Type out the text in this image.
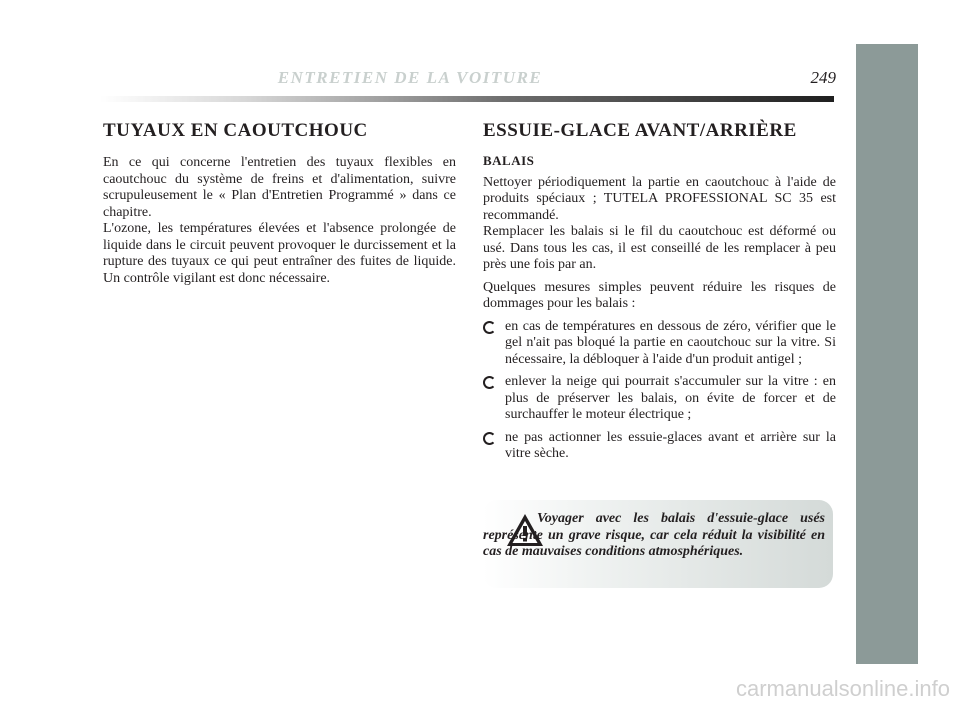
ENTRETIEN DE LA VOITURE	249
TUYAUX EN CAOUTCHOUC

En ce qui concerne l'entretien des tuyaux flexibles en caoutchouc du système de freins et d'alimentation, suivre scrupuleusement le « Plan d'Entretien Programmé » dans ce chapitre.

L'ozone, les températures élevées et l'absence prolongée de liquide dans le circuit peuvent provoquer le durcissement et la rupture des tuyaux ce qui peut entraîner des fuites de liquide. Un contrôle vigilant est donc nécessaire.

ESSUIE-GLACE AVANT/ARRIÈRE
BALAIS

Nettoyer périodiquement la partie en caoutchouc à l'aide de produits spéciaux ; TUTELA PROFESSIONAL SC 35 est recommandé.

Remplacer les balais si le fil du caoutchouc est déformé ou usé. Dans tous les cas, il est conseillé de les remplacer à peu près une fois par an.

Quelques mesures simples peuvent réduire les risques de dommages pour les balais :

en cas de températures en dessous de zéro, vérifier que le gel n'ait pas bloqué la partie en caoutchouc sur la vitre. Si nécessaire, la débloquer à l'aide d'un produit antigel ;
enlever la neige qui pourrait s'accumuler sur la vitre : en plus de préserver les balais, on évite de forcer et de surchauffer le moteur électrique ;
ne pas actionner les essuie-glaces avant et arrière sur la vitre sèche.
Voyager avec les balais d'essuie-glace usés représente un grave risque, car cela réduit la visibilité en cas de mauvaises conditions atmosphériques.
carmanualsonline.info
